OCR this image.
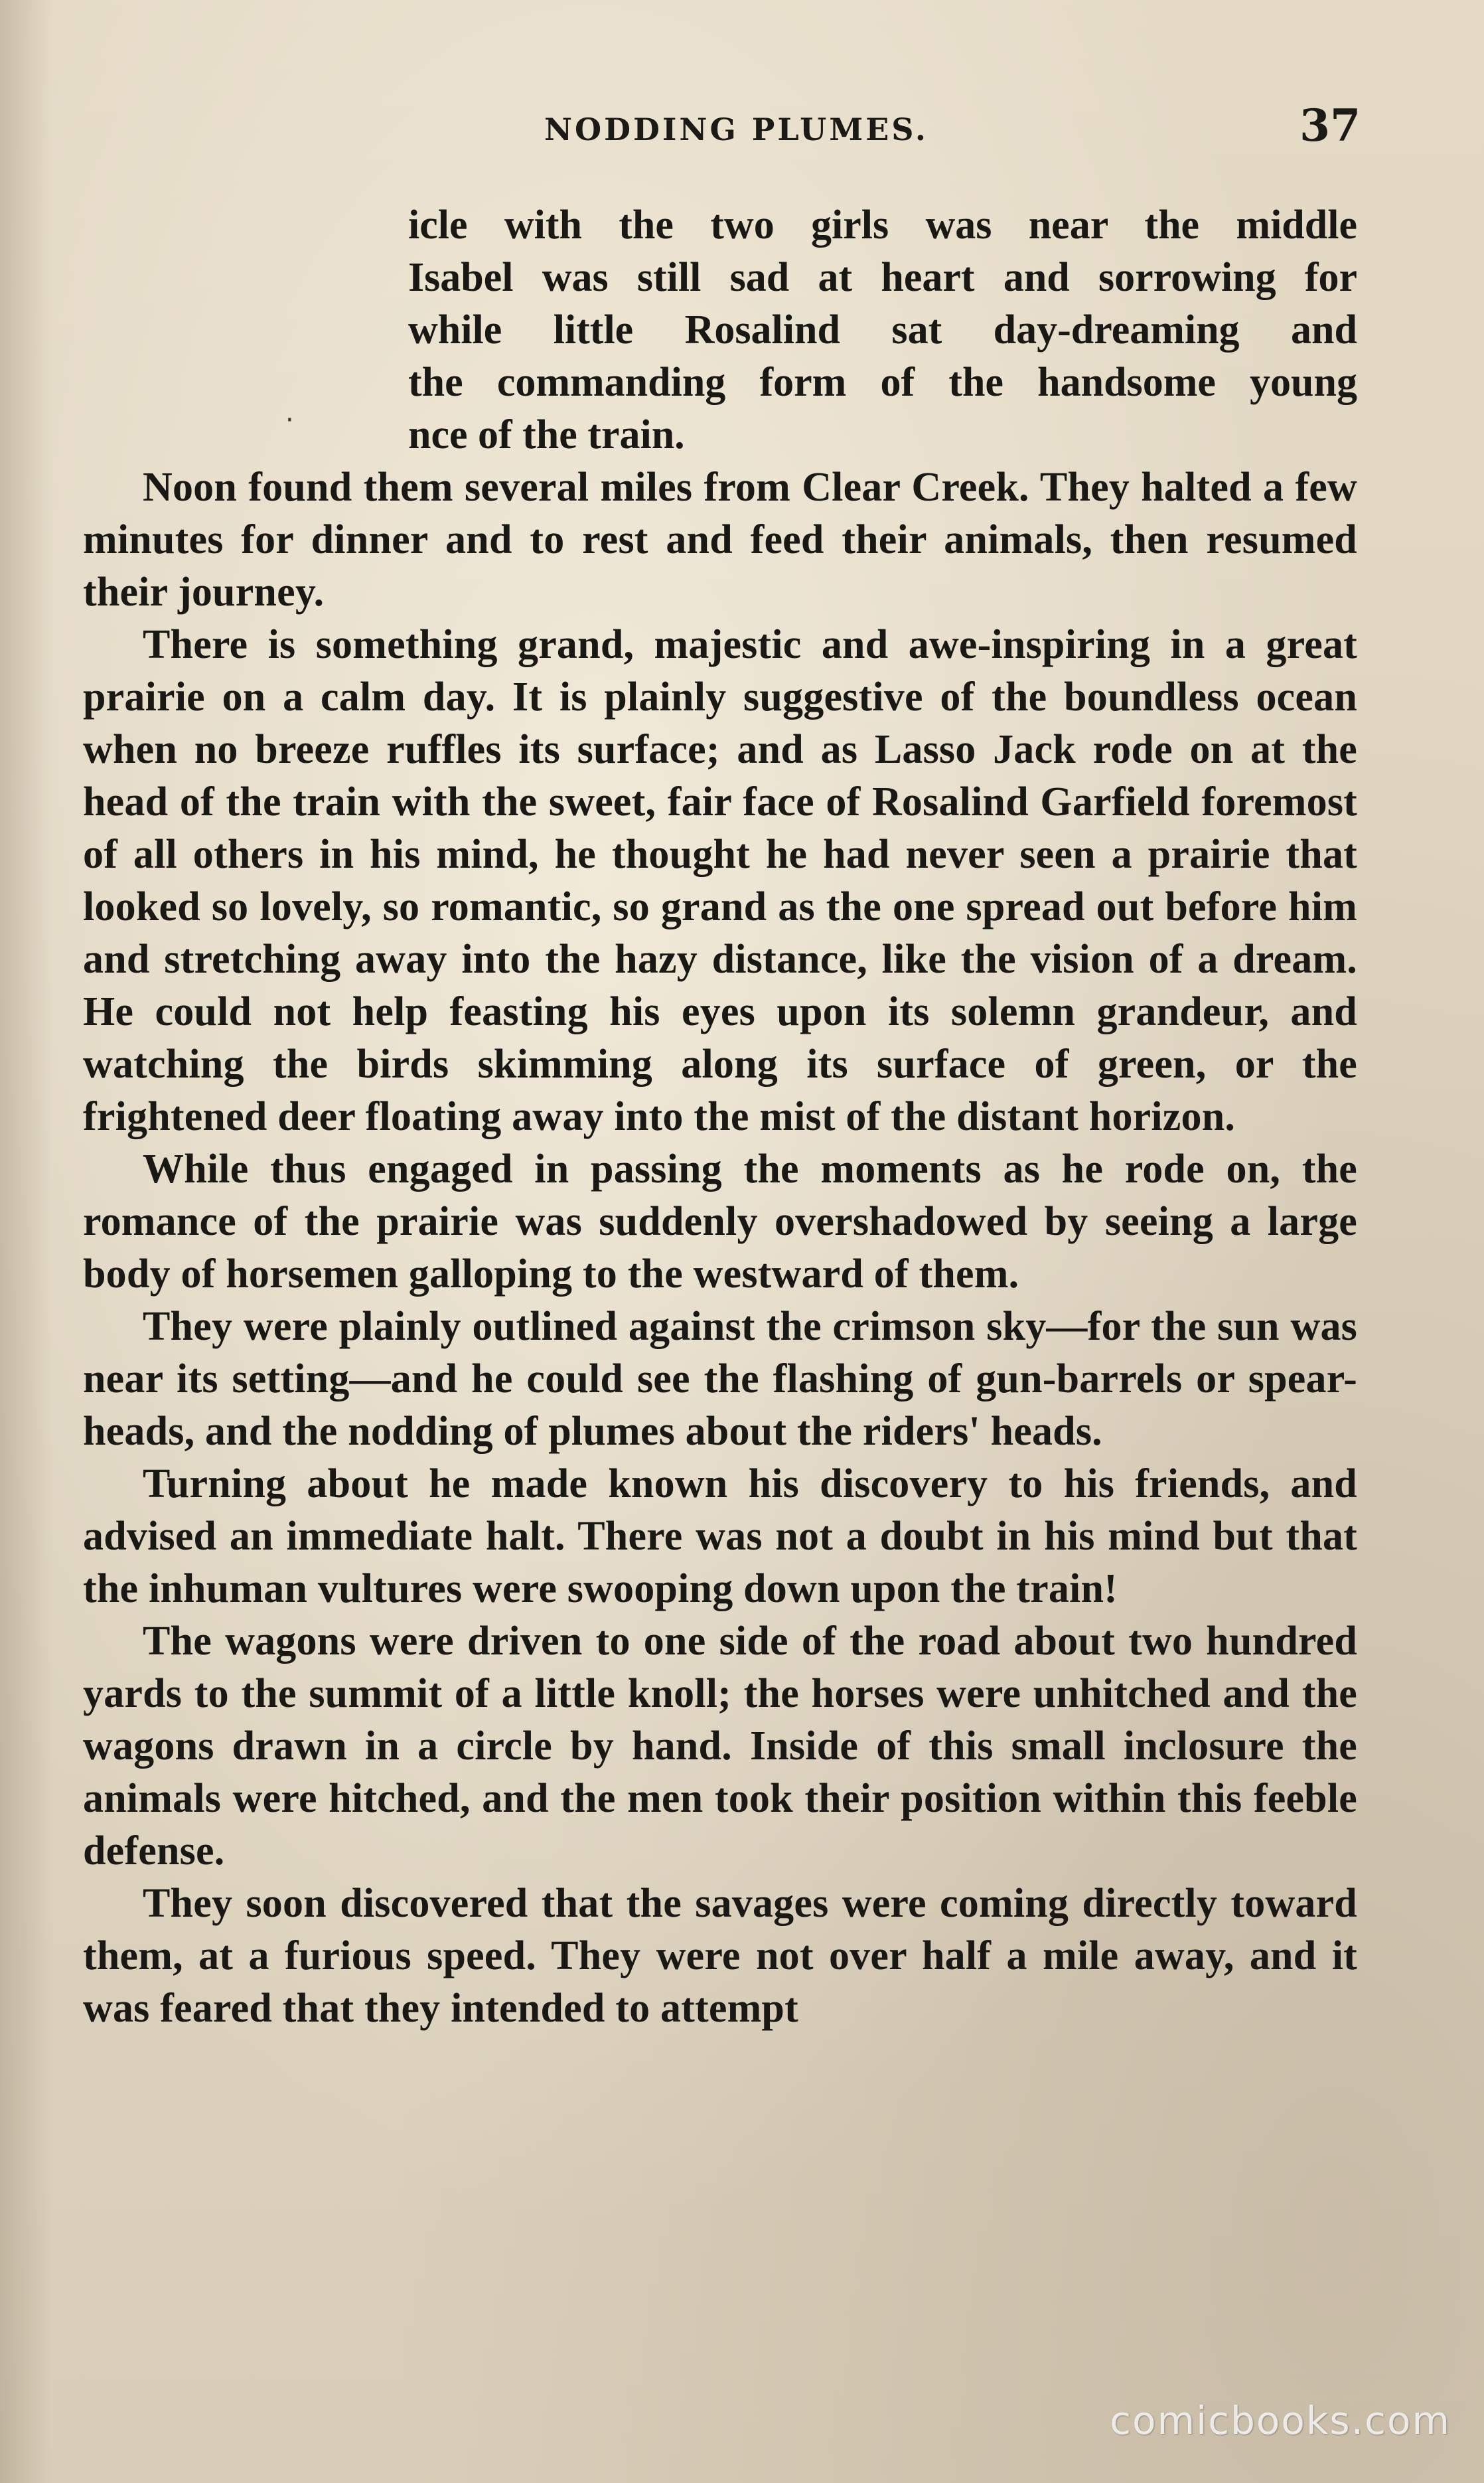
NODDING PLUMES.	37
·
icle with the two girls was near the middle
Isabel was still sad at heart and sorrowing for
while little Rosalind sat day-dreaming and
the commanding form of the handsome young
nce of the train.

Noon found them several miles from Clear Creek. They halted a few minutes for dinner and to rest and feed their animals, then resumed their journey.

There is something grand, majestic and awe-inspiring in a great prairie on a calm day. It is plainly suggestive of the boundless ocean when no breeze ruffles its surface; and as Lasso Jack rode on at the head of the train with the sweet, fair face of Rosalind Garfield foremost of all others in his mind, he thought he had never seen a prairie that looked so lovely, so romantic, so grand as the one spread out before him and stretching away into the hazy distance, like the vision of a dream. He could not help feasting his eyes upon its solemn grandeur, and watching the birds skimming along its surface of green, or the frightened deer floating away into the mist of the distant horizon.

While thus engaged in passing the moments as he rode on, the romance of the prairie was suddenly overshadowed by seeing a large body of horsemen galloping to the westward of them.

They were plainly outlined against the crimson sky—for the sun was near its setting—and he could see the flashing of gun-barrels or spear-heads, and the nodding of plumes about the riders' heads.

Turning about he made known his discovery to his friends, and advised an immediate halt. There was not a doubt in his mind but that the inhuman vultures were swooping down upon the train!

The wagons were driven to one side of the road about two hundred yards to the summit of a little knoll; the horses were unhitched and the wagons drawn in a circle by hand. Inside of this small inclosure the animals were hitched, and the men took their position within this feeble defense.

They soon discovered that the savages were coming directly toward them, at a furious speed. They were not over half a mile away, and it was feared that they intended to attempt

comicbooks.com
